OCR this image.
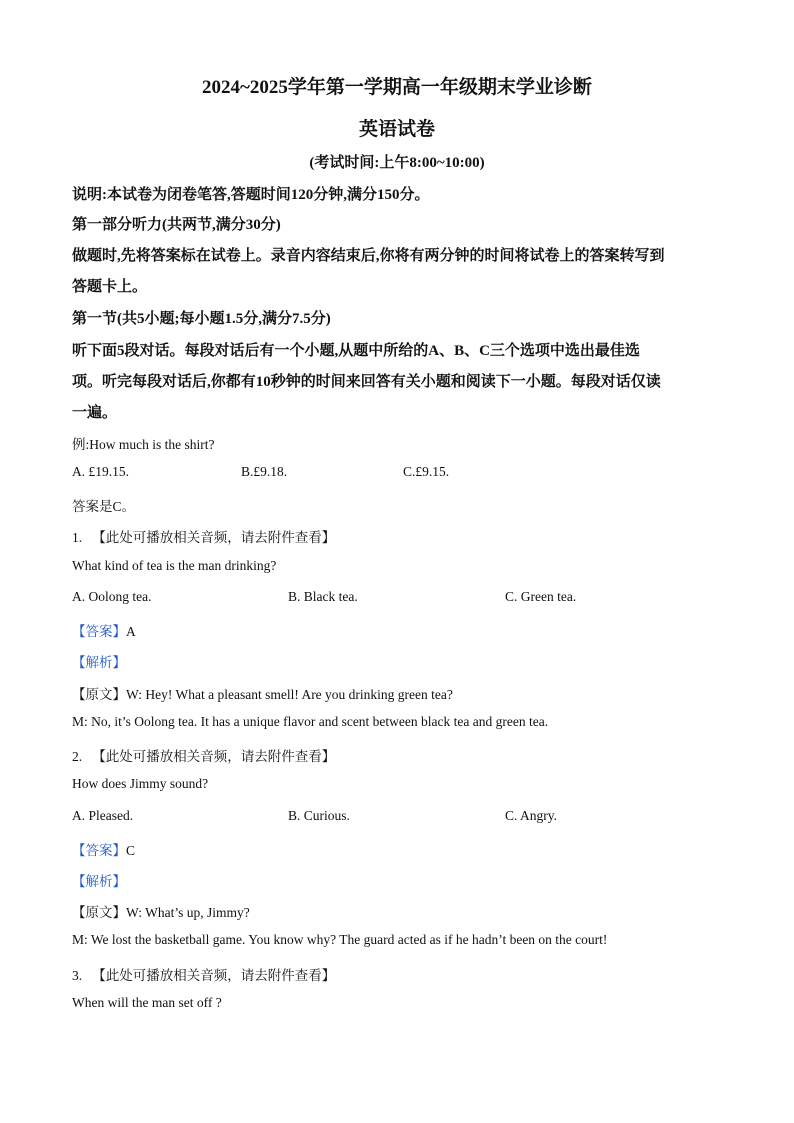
2024~2025学年第一学期高一年级期末学业诊断
英语试卷
(考试时间:上午8:00~10:00)
说明:本试卷为闭卷笔答,答题时间120分钟,满分150分。
第一部分听力(共两节,满分30分)
做题时,先将答案标在试卷上。录音内容结束后,你将有两分钟的时间将试卷上的答案转写到
答题卡上。
第一节(共5小题;每小题1.5分,满分7.5分)
听下面5段对话。每段对话后有一个小题,从题中所给的A、B、C三个选项中选出最佳选
项。听完每段对话后,你都有10秒钟的时间来回答有关小题和阅读下一小题。每段对话仅读
一遍。
例:How much is the shirt?
A. £19.15.	B.£9.18.	C.£9.15.
答案是C。
1. 【此处可播放相关音频，请去附件查看】
What kind of tea is the man drinking?
A. Oolong tea.	B. Black tea.	C. Green tea.
【答案】A
【解析】
【原文】W: Hey! What a pleasant smell! Are you drinking green tea?
M: No, it’s Oolong tea. It has a unique flavor and scent between black tea and green tea.
2. 【此处可播放相关音频，请去附件查看】
How does Jimmy sound?
A. Pleased.	B. Curious.	C. Angry.
【答案】C
【解析】
【原文】W: What’s up, Jimmy?
M: We lost the basketball game. You know why? The guard acted as if he hadn’t been on the court!
3. 【此处可播放相关音频，请去附件查看】
When will the man set off ?
